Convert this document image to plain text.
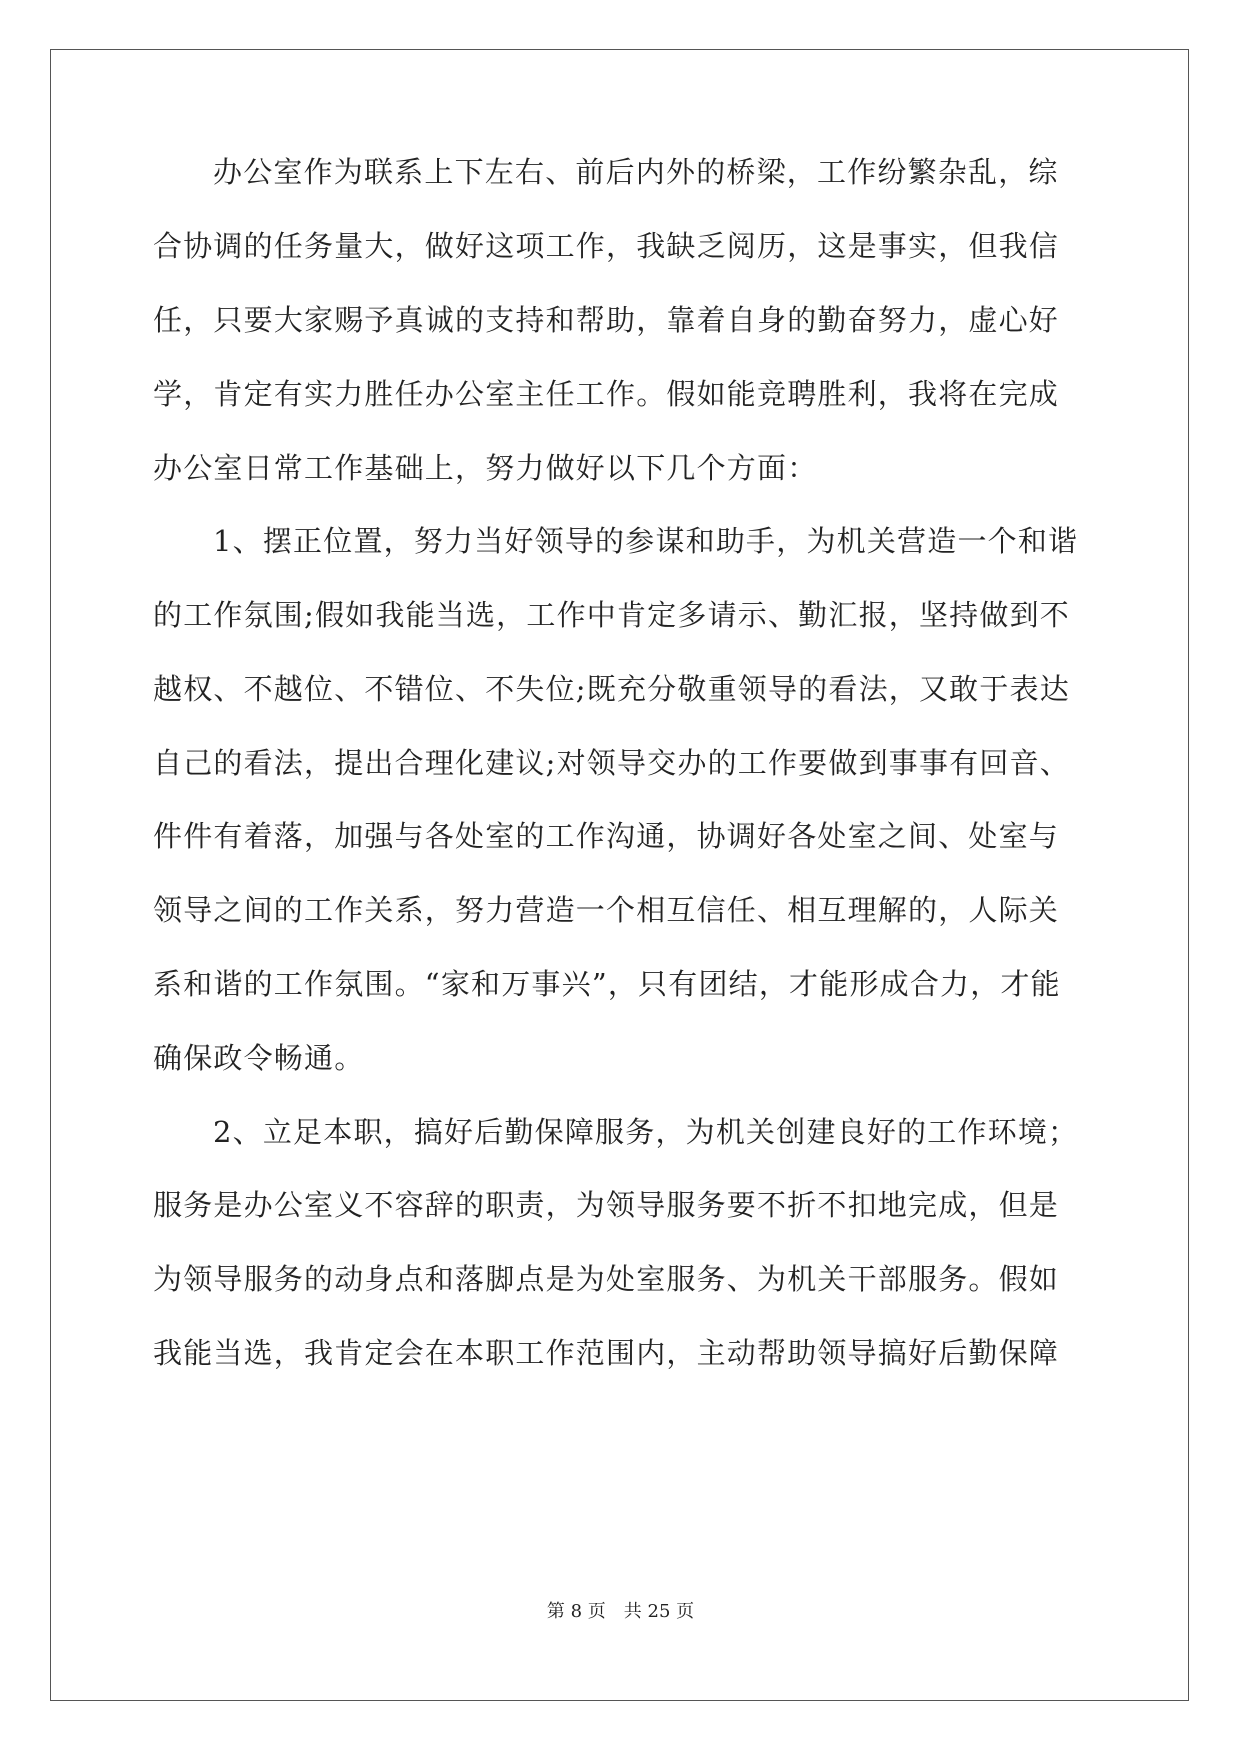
办公室作为联系上下左右、前后内外的桥梁，工作纷繁杂乱，综
合协调的任务量大，做好这项工作，我缺乏阅历，这是事实，但我信
任，只要大家赐予真诚的支持和帮助，靠着自身的勤奋努力，虚心好
学，肯定有实力胜任办公室主任工作。假如能竞聘胜利，我将在完成
办公室日常工作基础上，努力做好以下几个方面：
1、摆正位置，努力当好领导的参谋和助手，为机关营造一个和谐
的工作氛围;假如我能当选，工作中肯定多请示、勤汇报，坚持做到不
越权、不越位、不错位、不失位;既充分敬重领导的看法，又敢于表达
自己的看法，提出合理化建议;对领导交办的工作要做到事事有回音、
件件有着落，加强与各处室的工作沟通，协调好各处室之间、处室与
领导之间的工作关系，努力营造一个相互信任、相互理解的，人际关
系和谐的工作氛围。“家和万事兴”，只有团结，才能形成合力，才能
确保政令畅通。
2、立足本职，搞好后勤保障服务，为机关创建良好的工作环境；
服务是办公室义不容辞的职责，为领导服务要不折不扣地完成，但是
为领导服务的动身点和落脚点是为处室服务、为机关干部服务。假如
我能当选，我肯定会在本职工作范围内，主动帮助领导搞好后勤保障
第 8 页 共 25 页
